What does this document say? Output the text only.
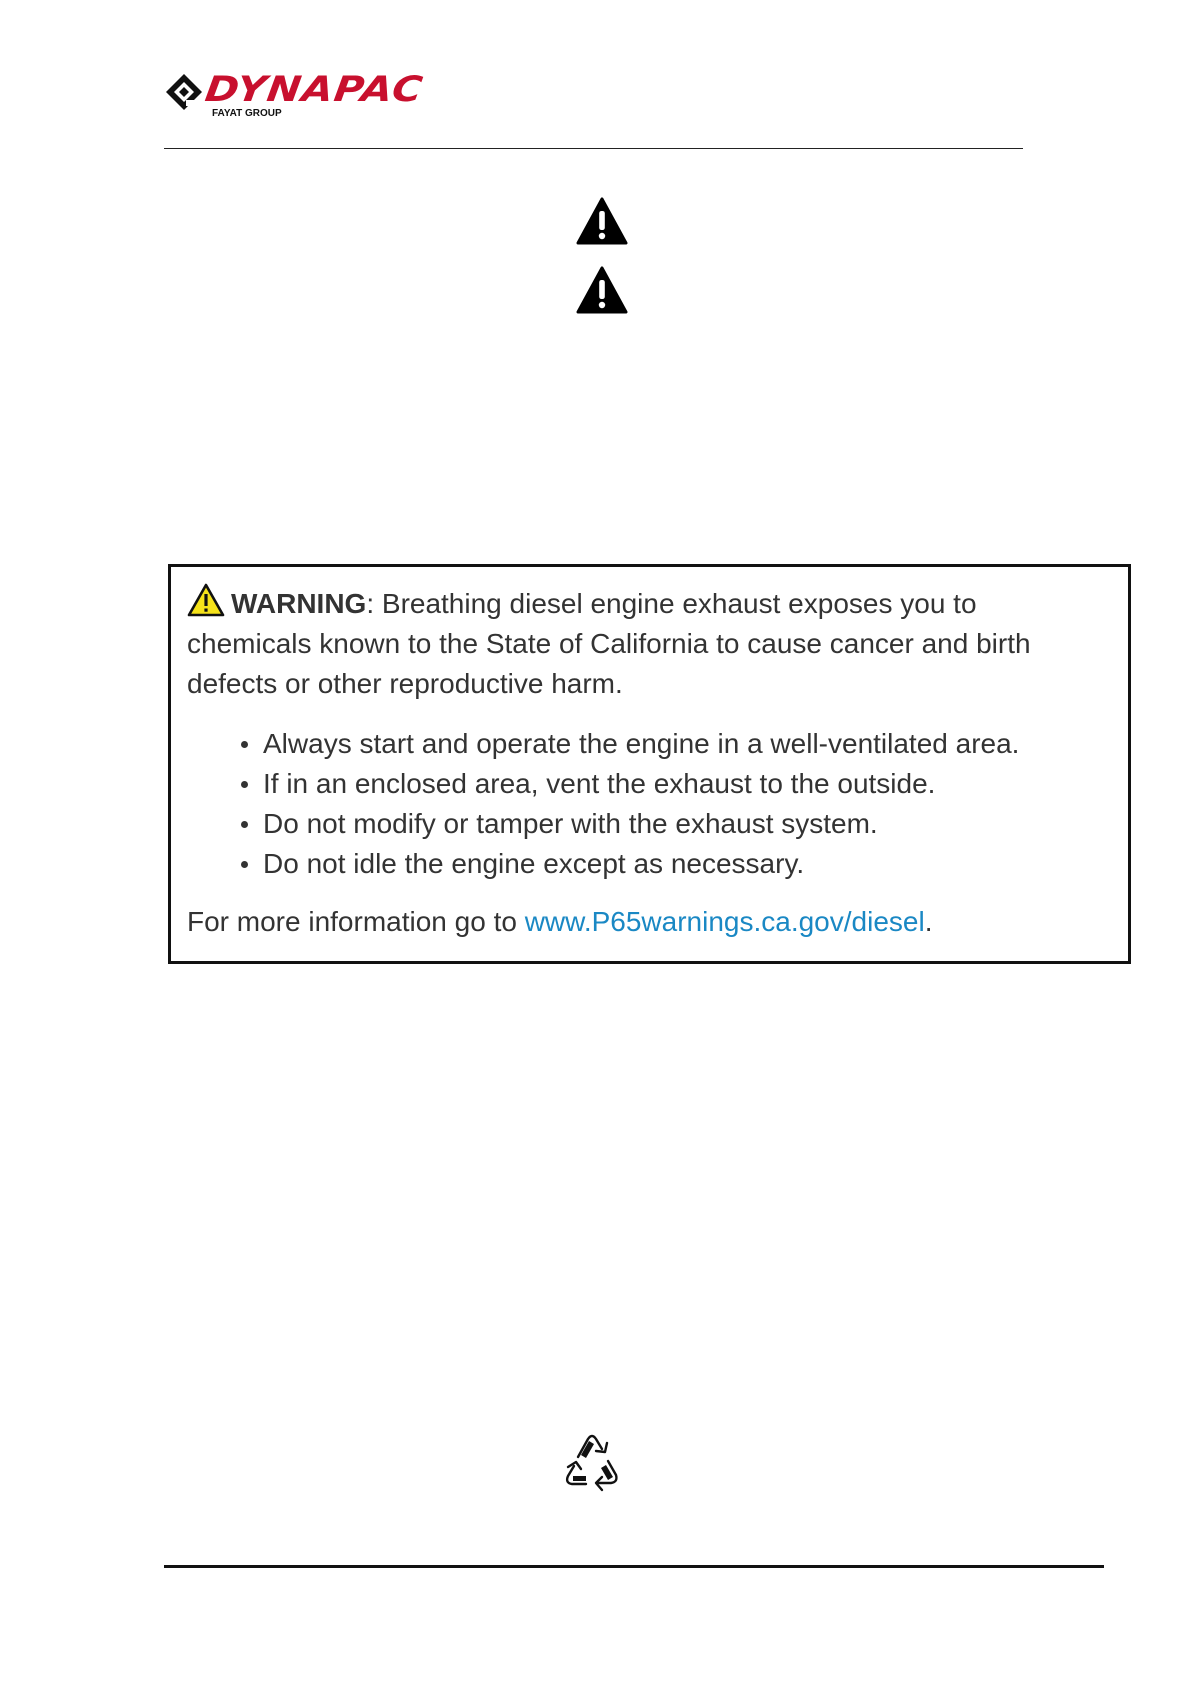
DYNAPAC
FAYAT GROUP

WARNING: Breathing diesel engine exhaust exposes you to
chemicals known to the State of California to cause cancer and birth
defects or other reproductive harm.

Always start and operate the engine in a well-ventilated area.
If in an enclosed area, vent the exhaust to the outside.
Do not modify or tamper with the exhaust system.
Do not idle the engine except as necessary.

For more information go to www.P65warnings.ca.gov/diesel.
